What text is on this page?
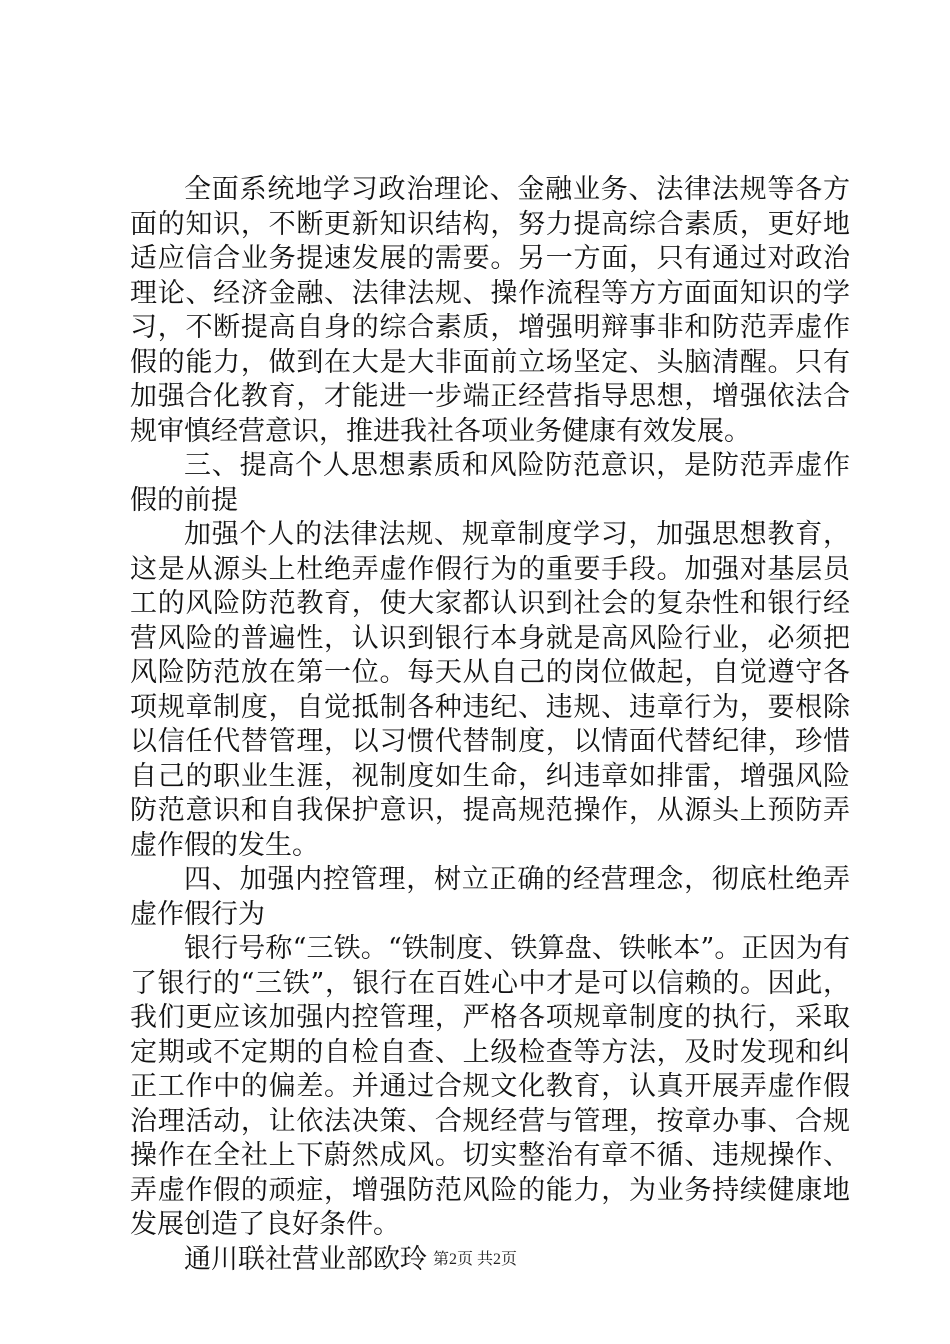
全面系统地学习政治理论、金融业务、法律法规等各方面的知识，不断更新知识结构，努力提高综合素质，更好地适应信合业务提速发展的需要。另一方面，只有通过对政治理论、经济金融、法律法规、操作流程等方方面面知识的学习，不断提高自身的综合素质，增强明辩事非和防范弄虚作假的能力，做到在大是大非面前立场坚定、头脑清醒。只有加强合化教育，才能进一步端正经营指导思想，增强依法合规审慎经营意识，推进我社各项业务健康有效发展。

三、提高个人思想素质和风险防范意识，是防范弄虚作假的前提

加强个人的法律法规、规章制度学习，加强思想教育，这是从源头上杜绝弄虚作假行为的重要手段。加强对基层员工的风险防范教育，使大家都认识到社会的复杂性和银行经营风险的普遍性，认识到银行本身就是高风险行业，必须把风险防范放在第一位。每天从自己的岗位做起，自觉遵守各项规章制度，自觉抵制各种违纪、违规、违章行为，要根除以信任代替管理，以习惯代替制度，以情面代替纪律，珍惜自己的职业生涯，视制度如生命，纠违章如排雷，增强风险防范意识和自我保护意识，提高规范操作，从源头上预防弄虚作假的发生。

四、加强内控管理，树立正确的经营理念，彻底杜绝弄虚作假行为

银行号称“三铁。“铁制度、铁算盘、铁帐本”。正因为有了银行的“三铁”，银行在百姓心中才是可以信赖的。因此，我们更应该加强内控管理，严格各项规章制度的执行，采取定期或不定期的自检自查、上级检查等方法，及时发现和纠正工作中的偏差。并通过合规文化教育，认真开展弄虚作假治理活动，让依法决策、合规经营与管理，按章办事、合规操作在全社上下蔚然成风。切实整治有章不循、违规操作、弄虚作假的顽症，增强防范风险的能力，为业务持续健康地发展创造了良好条件。

通川联社营业部欧玲 第2页 共2页
